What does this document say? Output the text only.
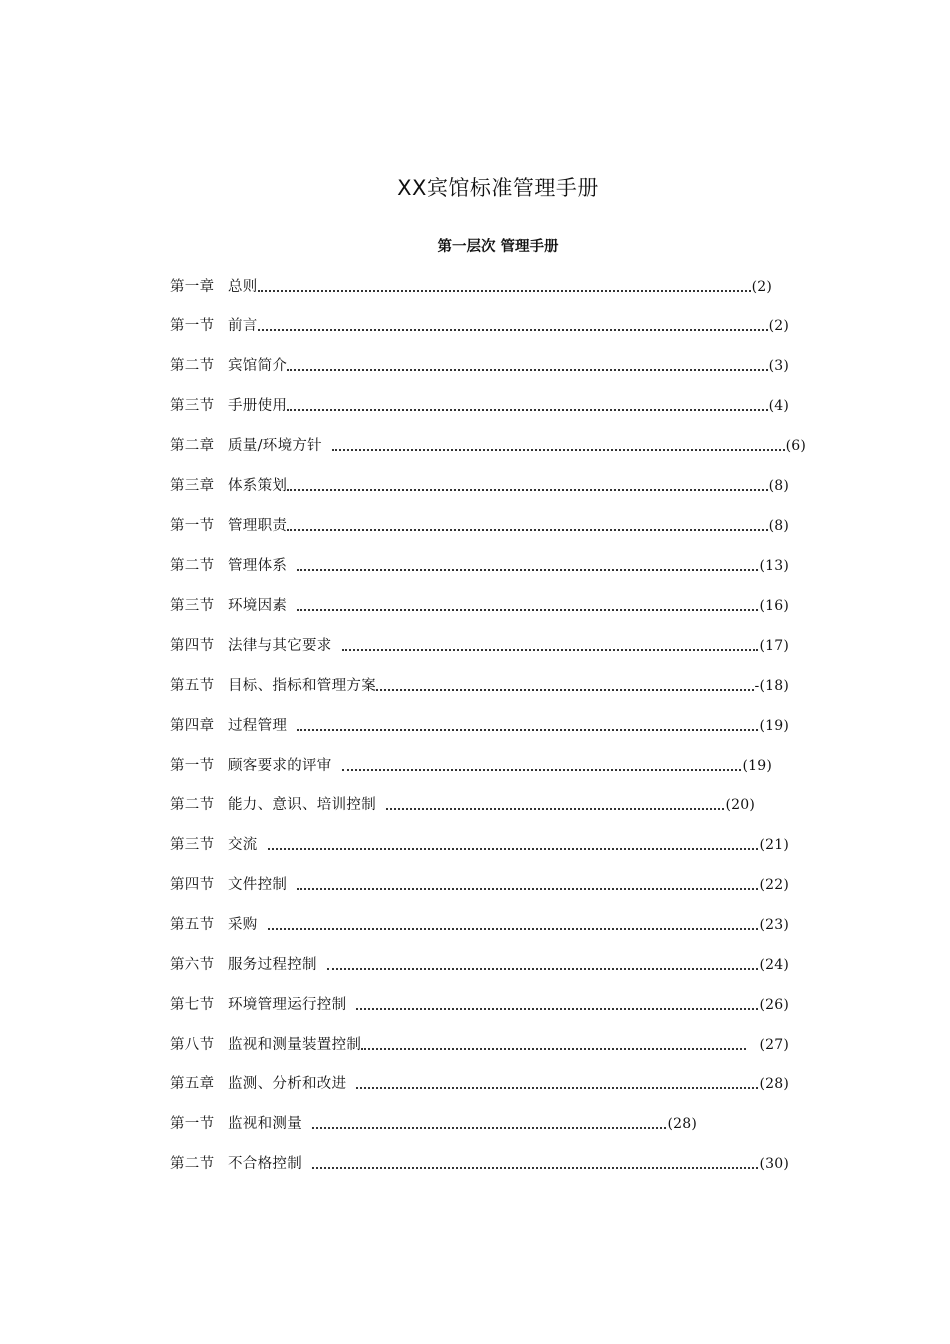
XX宾馆标准管理手册
第一层次 管理手册
第一章 总则	(2)
第一节 前言	(2)
第二节 宾馆简介	(3)
第三节 手册使用	(4)
第二章 质量/环境方针	(6)
第三章 体系策划	(8)
第一节 管理职责	(8)
第二节 管理体系	(13)
第三节 环境因素	(16)
第四节 法律与其它要求	(17)
第五节 目标、指标和管理方案	-(18)
第四章 过程管理	(19)
第一节 顾客要求的评审	(19)
第二节 能力、意识、培训控制	(20)
第三节 交流	(21)
第四节 文件控制	(22)
第五节 采购	(23)
第六节 服务过程控制	(24)
第七节 环境管理运行控制	(26)
第八节 监视和测量装置控制	(27)
第五章 监测、分析和改进	(28)
第一节 监视和测量	(28)
第二节 不合格控制	(30)
